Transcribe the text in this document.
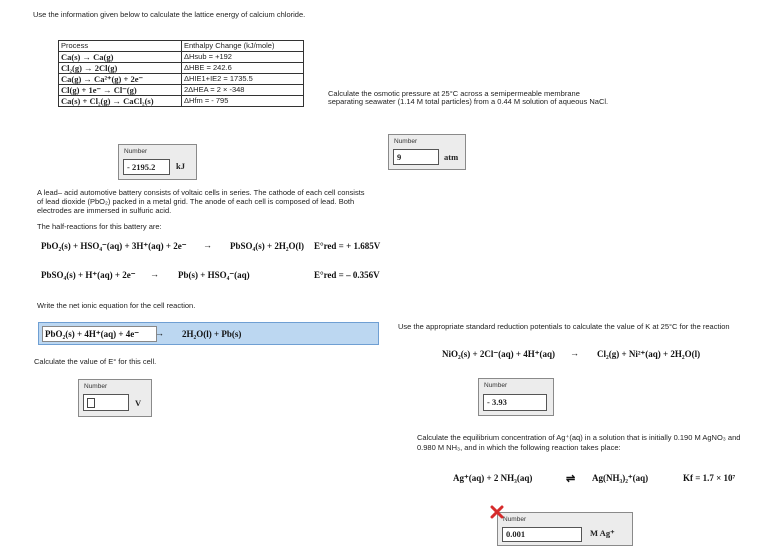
Use the information given below to calculate the lattice energy of calcium chloride.
Process	Enthalpy Change (kJ/mole)
Ca(s) → Ca(g)	ΔHsub = +192
Cl₂(g) → 2Cl(g)	ΔHBE = 242.6
Ca(g) → Ca²⁺(g) + 2e⁻	ΔHIE1+IE2 = 1735.5
Cl(g) + 1e⁻ → Cl⁻(g)	2ΔHEA = 2 × -348
Ca(s) + Cl₂(g) → CaCl₂(s)	ΔHfm = - 795
Number
- 2195.2	kJ
Calculate the osmotic pressure at 25°C across a semipermeable membrane
separating seawater (1.14 M total particles) from a 0.44 M solution of aqueous NaCl.
Number
9	atm
A lead– acid automotive battery consists of voltaic cells in series. The cathode of each cell consists
of lead dioxide (PbO₂) packed in a metal grid. The anode of each cell is composed of lead. Both
electrodes are immersed in sulfuric acid.
The half-reactions for this battery are:
PbO₂(s) + HSO₄⁻(aq) + 3H⁺(aq) + 2e⁻ → PbSO₄(s) + 2H₂O(l) E°red = + 1.685V
PbSO₄(s) + H⁺(aq) + 2e⁻ → Pb(s) + HSO₄⁻(aq)	E°red = – 0.356V
Write the net ionic equation for the cell reaction.
PbO₂(s) + 4H⁺(aq) + 4e⁻ → 2H₂O(l) + Pb(s)
Calculate the value of E° for this cell.
Number
V
Use the appropriate standard reduction potentials to calculate the value of K at 25°C for the reaction
NiO₂(s) + 2Cl⁻(aq) + 4H⁺(aq) → Cl₂(g) + Ni²⁺(aq) + 2H₂O(l)
Number
- 3.93
Calculate the equilibrium concentration of Ag⁺(aq) in a solution that is initially 0.190 M AgNO₃ and
0.980 M NH₃, and in which the following reaction takes place:
Ag⁺(aq) + 2 NH₃(aq)	⇌ Ag(NH₃)₂⁺(aq)	Kf = 1.7 × 10⁷
Number
0.001	M Ag⁺
